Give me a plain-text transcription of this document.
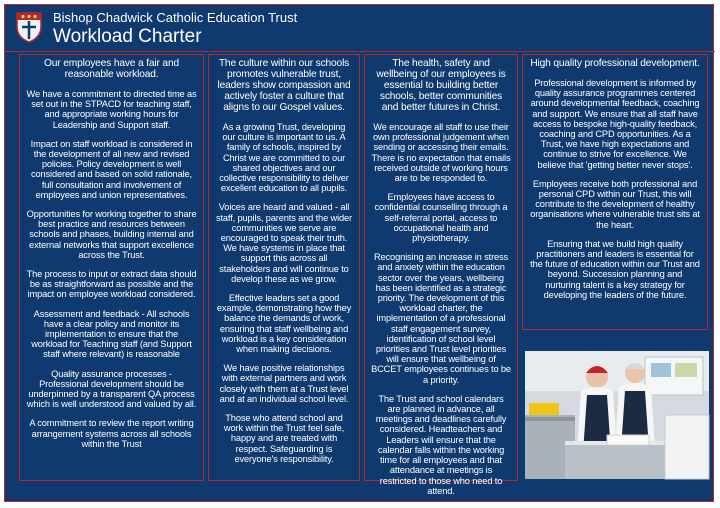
Bishop Chadwick Catholic Education Trust
Workload Charter

Our employees have a fair and reasonable workload.

We have a commitment to directed time as set out in the STPACD for teaching staff, and appropriate working hours for Leadership and Support staff.

Impact on staff workload is considered in the development of all new and revised policies. Policy development is well considered and based on solid rationale, full consultation and involvement of employees and union representatives.

Opportunities for working together to share best practice and resources between schools and phases, building internal and external networks that support excellence across the Trust.

The process to input or extract data should be as straightforward as possible and the impact on employee workload considered.

Assessment and feedback - All schools have a clear policy and monitor its implementation to ensure that the workload for Teaching staff (and Support staff where relevant) is reasonable

Quality assurance processes - Professional development should be underpinned by a transparent QA process which is well understood and valued by all.

A commitment to review the report writing arrangement systems across all schools within the Trust

The culture within our schools promotes vulnerable trust, leaders show compassion and actively foster a culture that aligns to our Gospel values.

As a growing Trust, developing our culture is important to us. A family of schools, inspired by Christ we are committed to our shared objectives and our collective responsibility to deliver excellent education to all pupils.

Voices are heard and valued - all staff, pupils, parents and the wider communities we serve are encouraged to speak their truth. We have systems in place that support this across all stakeholders and will continue to develop these as we grow.

Effective leaders set a good example, demonstrating how they balance the demands of work, ensuring that staff wellbeing and workload is a key consideration when making decisions.

We have positive relationships with external partners and work closely with them at a Trust level and at an individual school level.

Those who attend school and work within the Trust feel safe, happy and are treated with respect. Safeguarding is everyone's responsibility.

The health, safety and wellbeing of our employees is essential to building better schools, better communities and better futures in Christ.

We encourage all staff to use their own professional judgement when sending or accessing their emails. There is no expectation that emails received outside of working hours are to be responded to.

Employees have access to confidential counselling through a self-referral portal, access to occupational health and physiotherapy.

Recognising an increase in stress and anxiety within the education sector over the years, wellbeing has been identified as a strategic priority. The development of this workload charter, the implementation of a professional staff engagement survey, identification of school level priorities and Trust level priorities will ensure that wellbeing of BCCET employees continues to be a priority.

The Trust and school calendars are planned in advance, all meetings and deadlines carefully considered. Headteachers and Leaders will ensure that the calendar falls within the working time for all employees and that attendance at meetings is restricted to those who need to attend.

High quality professional development.

Professional development is informed by quality assurance programmes centered around developmental feedback, coaching and support. We ensure that all staff have access to bespoke high-quality feedback, coaching and CPD opportunities. As a Trust, we have high expectations and continue to strive for excellence. We believe that 'getting better never stops'.

Employees receive both professional and personal CPD within our Trust, this will contribute to the development of healthy organisations where vulnerable trust sits at the heart.

Ensuring that we build high quality practitioners and leaders is essential for the future of education within our Trust and beyond. Succession planning and nurturing talent is a key strategy for developing the leaders of the future.
